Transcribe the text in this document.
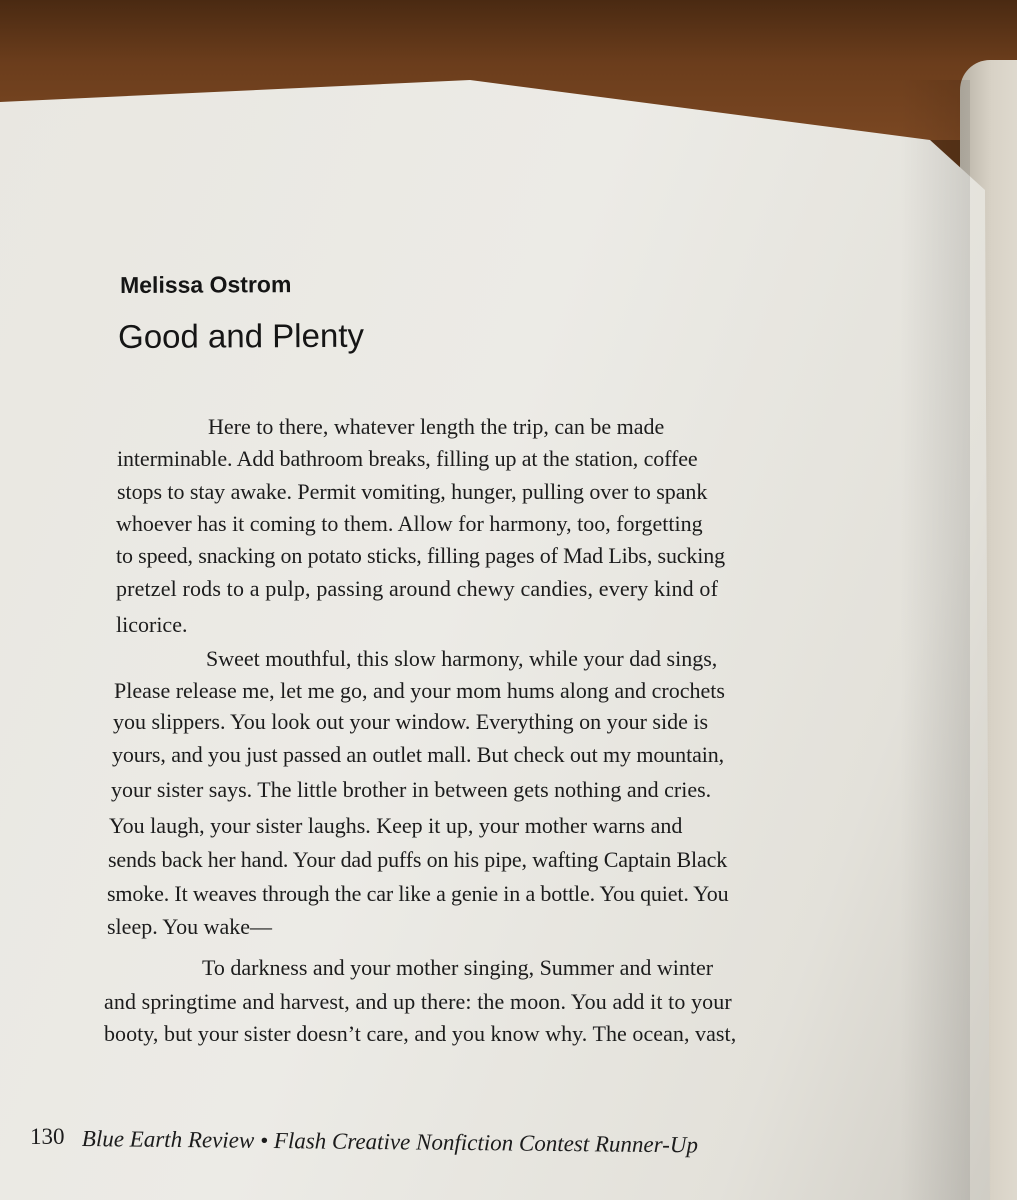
Melissa Ostrom
Good and Plenty
Here to there, whatever length the trip, can be made
interminable. Add bathroom breaks, filling up at the station, coffee
stops to stay awake. Permit vomiting, hunger, pulling over to spank
whoever has it coming to them. Allow for harmony, too, forgetting
to speed, snacking on potato sticks, filling pages of Mad Libs, sucking
pretzel rods to a pulp, passing around chewy candies, every kind of
licorice.
Sweet mouthful, this slow harmony, while your dad sings,
Please release me, let me go, and your mom hums along and crochets
you slippers. You look out your window. Everything on your side is
yours, and you just passed an outlet mall. But check out my mountain,
your sister says. The little brother in between gets nothing and cries.
You laugh, your sister laughs. Keep it up, your mother warns and
sends back her hand. Your dad puffs on his pipe, wafting Captain Black
smoke. It weaves through the car like a genie in a bottle. You quiet. You
sleep. You wake—
To darkness and your mother singing, Summer and winter
and springtime and harvest, and up there: the moon. You add it to your
booty, but your sister doesn’t care, and you know why. The ocean, vast,
130 Blue Earth Review • Flash Creative Nonfiction Contest Runner-Up
